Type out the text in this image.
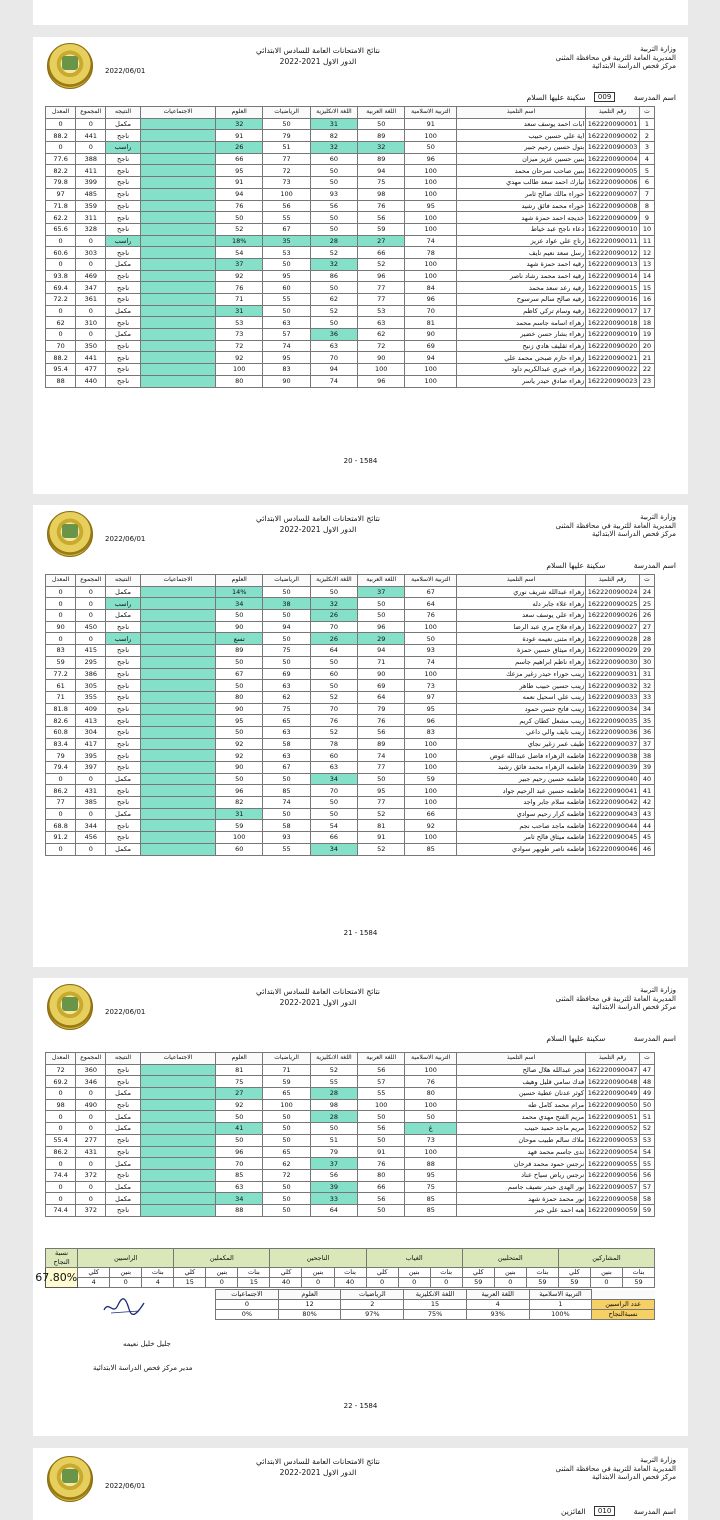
2022/06/01
نتائج الامتحانات العامة للسادس الابتدائي
2022-2021 الدور الاول
وزارة التربية
المديرية العامة للتربية في محافظة المثنى
مركز فحص الدراسة الابتدائية
اسم المدرسة 009 سكينة عليها السلام
ت	رقم التلميذ	اسم التلميذ	التربية الاسلامية	اللغة العربية	اللغة الانكليزية	الرياضيات	العلوم	الاجتماعيات	النتيجه	المجموع	المعدل
1	162220090001	ابات احمد يوسف سعد	91	50	31	50	32		مكمل	0	0
2	162220090002	اية علي حسين حبيب	100	89	82	79	91		ناجح	441	88.2
3	162220090003	بتول حسين رحيم جبير	50	32	32	51	26		راسب	0	0
4	162220090004	بنين حسين عزيز ميزان	96	89	60	77	66		ناجح	388	77.6
5	162220090005	بنين صاحب سرحان محمد	100	94	50	72	95		ناجح	411	82.2
6	162220090006	تبارك احمد سعد طالب مهدي	100	75	50	73	91		ناجح	399	79.8
7	162220090007	حوراء مالك صالح ثامر	100	98	93	100	94		ناجح	485	97
8	162220090008	حوراء محمد فائق رشيد	95	76	56	56	76		ناجح	359	71.8
9	162220090009	خديجه احمد حمزة شهد	100	56	50	55	50		ناجح	311	62.2
10	162220090010	دعاء ناجح عبد خياط	100	59	50	67	52		ناجح	328	65.6
11	162220090011	رتاج علي عواد عزيز	74	27	28	35	18%		راسب	0	0
12	162220090012	رسل سعد نعيم نايف	78	66	52	53	54		ناجح	303	60.6
13	162220090013	رقيه احمد حمزة شهد	100	52	32	50	37		مكمل	0	0
14	162220090014	رقيه احمد محمد رشاد ناصر	100	96	86	95	92		ناجح	469	93.8
15	162220090015	رقيه رعد سعد محمد	84	77	50	60	76		ناجح	347	69.4
16	162220090016	رقيه صالح سالم سرسوح	96	77	62	55	71		ناجح	361	72.2
17	162220090017	رقيه وسام تركي كاظم	70	53	52	50	31		مكمل	0	0
18	162220090018	زهراء اسامه جاسم محمد	81	63	50	63	53		ناجح	310	62
19	162220090019	زهراء بشار حسن خضير	90	62	36	57	73		مكمل	0	0
20	162220090020	زهراء ثقليف هادي زنيح	69	72	63	74	72		ناجح	350	70
21	162220090021	زهراء حازم صبحي محمد علي	94	90	70	95	92		ناجح	441	88.2
22	162220090022	زهراء خيري عبدالكريم داود	100	100	94	83	100		ناجح	477	95.4
23	162220090023	زهراء صادق حيدر ياسر	100	96	74	90	80		ناجح	440	88
20 - 1584
2022/06/01
نتائج الامتحانات العامة للسادس الابتدائي
2022-2021 الدور الاول
وزارة التربية
المديرية العامة للتربية في محافظة المثنى
مركز فحص الدراسة الابتدائية
اسم المدرسة سكينة عليها السلام
ت	رقم التلميذ	اسم التلميذ	التربية الاسلامية	اللغة العربية	اللغة الانكليزية	الرياضيات	العلوم	الاجتماعيات	النتيجه	المجموع	المعدل
24	162220090024	زهراء عبدالله شريف نوري	67	37	50	50	14%		مكمل	0	0
25	162220090025	زهراء علاء جابر دله	64	50	32	38	34		راسب	0	0
26	162220090026	زهراء علي يوسف سعد	76	50	26	50	50		مكمل	0	0
27	162220090027	زهراء فلاح مري عبد الرضا	100	96	70	94	90		ناجح	450	90
28	162220090028	زهراء مثنى نعيمه عودة	50	29	26	50	تسع		راسب	0	0
29	162220090029	زهراء ميثاق حسين حمزة	93	94	64	75	89		ناجح	415	83
30	162220090030	زهراء ناظم ابراهيم جاسم	74	71	50	50	50		ناجح	295	59
31	162220090031	زينب حوراء حيدر زغير مزعك	100	90	60	69	67		ناجح	386	77.2
32	162220090032	زينب حسين حبيب طاهر	73	69	50	63	50		ناجح	305	61
33	162220090033	زينب علي اسحيل نعمه	97	64	52	62	80		ناجح	355	71
34	162220090034	زينب فاتح حسن حمود	95	79	70	75	90		ناجح	409	81.8
35	162220090035	زينب مشعل كطان كريم	96	76	76	65	95		ناجح	413	82.6
36	162220090036	زينب نايف والي داعي	83	56	52	63	50		ناجح	304	60.8
37	162220090037	طيف عمر زغير نجاي	100	89	78	58	92		ناجح	417	83.4
38	162220090038	فاطمه الزهراء فاضل عبدالله عوض	100	74	60	63	92		ناجح	395	79
39	162220090039	فاطمه الزهراء محمد فائق رشيد	100	77	63	67	90		ناجح	397	79.4
40	162220090040	فاطمه حسين رحيم جبير	59	50	34	50	50		مكمل	0	0
41	162220090041	فاطمه حسين عبد الرحيم جواد	100	95	70	85	96		ناجح	431	86.2
42	162220090042	فاطمه سلام جابر واجد	100	77	50	74	82		ناجح	385	77
43	162220090043	فاطمه كرار رحيم سوادي	66	52	50	50	31		مكمل	0	0
44	162220090044	فاطمه ماجد صاحب نجم	92	81	54	58	59		ناجح	344	68.8
45	162220090045	فاطمه ميثاق فالح ثامر	100	91	66	93	100		ناجح	456	91.2
46	162220090046	فاطمه ناصر طويهر سوادي	85	52	34	55	60		مكمل	0	0
21 - 1584
2022/06/01
نتائج الامتحانات العامة للسادس الابتدائي
2022-2021 الدور الاول
وزارة التربية
المديرية العامة للتربية في محافظة المثنى
مركز فحص الدراسة الابتدائية
اسم المدرسة سكينة عليها السلام
ت	رقم التلميذ	اسم التلميذ	التربية الاسلامية	اللغة العربية	اللغة الانكليزية	الرياضيات	العلوم	الاجتماعيات	النتيجه	المجموع	المعدل
47	162220090047	فجر عبدالله هلال صالح	100	56	52	71	81		ناجح	360	72
48	162220090048	فدك سامي قليل وهيف	76	57	55	59	75		ناجح	346	69.2
49	162220090049	كوثر عدنان عطية حسين	80	55	28	65	27		مكمل	0	0
50	162220090050	مرام محمد كامل طه	100	100	98	100	92		ناجح	490	98
51	162220090051	مريم الفتح مهدي محمد	50	50	28	50	50		مكمل	0	0
52	162220090052	مريم ماجد حميد حبيب	غ	56	50	50	41		مكمل	0	0
53	162220090053	ملاك سالم طبيب موحان	73	50	51	50	50		ناجح	277	55.4
54	162220090054	ندى جاسم محمد فهد	100	91	79	65	96		ناجح	431	86.2
55	162220090055	نرجس حمود محمد فرحان	88	76	37	62	70		مكمل	0	0
56	162220090056	نرجس رياض سياح عناد	95	80	56	72	85		ناجح	372	74.4
57	162220090057	نور الهدى حيدر نصيف جاسم	75	66	39	50	63		مكمل	0	0
58	162220090058	نور محمد حمزة شهد	85	56	33	50	34		مكمل	0	0
59	162220090059	هبه احمد علي جبر	85	50	64	50	88		ناجح	372	74.4
المشاركين			المتحلبين			الغياب			الناجحين			المكملين			الراسبين			نسبة النجاح
بنات	بنين	كلي	بنات	بنين	كلي	بنات	بنين	كلي	بنات	بنين	كلي	بنات	بنين	كلي	بنات	بنين	كلي	67.80%
59	0	59	59	0	59	0	0	0	40	0	40	15	0	15	4	0	4	
	التربية الاسلامية	اللغة العربية	اللغة الانكليزية	الرياضيات	العلوم	الاجتماعيات
عدد الراسبين	1	4	15	2	12	0
نسبةالنجاح	100%	93%	75%	97%	80%	0%
جليل خليل نعيمه
مدير مركز فحص الدراسة الابتدائية
22 - 1584
2022/06/01
نتائج الامتحانات العامة للسادس الابتدائي
2022-2021 الدور الاول
وزارة التربية
المديرية العامة للتربية في محافظة المثنى
مركز فحص الدراسة الابتدائية
اسم المدرسة 010 الفائزين
